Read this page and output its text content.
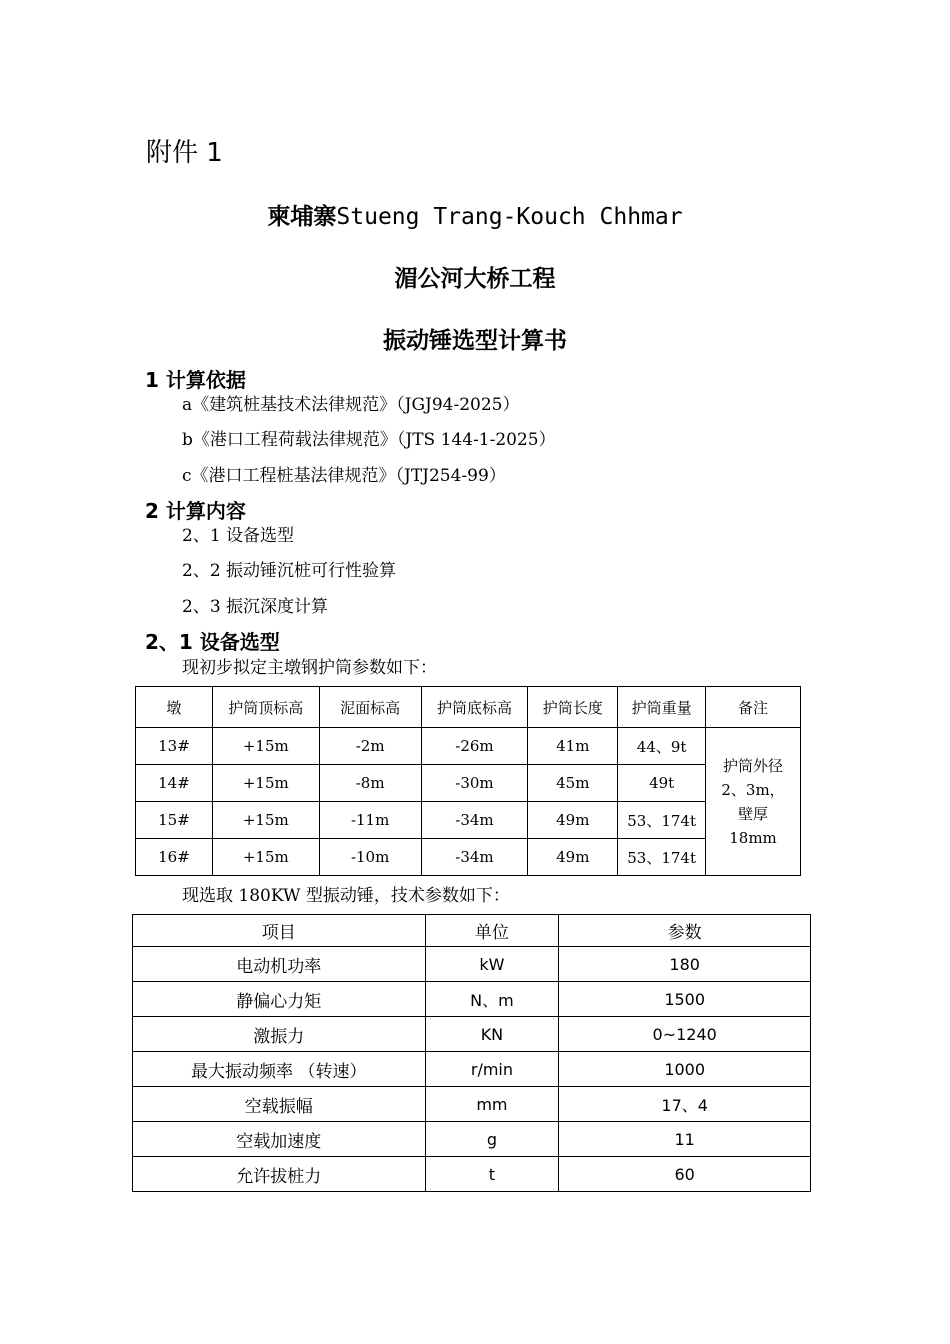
附件 1
柬埔寨Stueng Trang-Kouch Chhmar
湄公河大桥工程
振动锤选型计算书
1 计算依据
a《建筑桩基技术法律规范》（JGJ94-2025）
b《港口工程荷载法律规范》（JTS 144-1-2025）
c《港口工程桩基法律规范》（JTJ254-99）
2 计算内容
2、1 设备选型
2、2 振动锤沉桩可行性验算
2、3 振沉深度计算
2、1 设备选型
现初步拟定主墩钢护筒参数如下：
墩	护筒顶标高	泥面标高	护筒底标高	护筒长度	护筒重量	备注
13#	+15m	-2m	-26m	41m	44、9t	护筒外径
2、3m，
壁厚
18mm

14#	+15m	-8m	-30m	45m	49t	
15#	+15m	-11m	-34m	49m	53、174t	
16#	+15m	-10m	-34m	49m	53、174t	
现选取 180KW 型振动锤，技术参数如下：
项目	单位	参数
电动机功率	kW	180
静偏心力矩	N、m	1500
激振力	KN	0~1240
最大振动频率 （转速）	r/min	1000
空载振幅	mm	17、4
空载加速度	g	11
允许拔桩力	t	60
